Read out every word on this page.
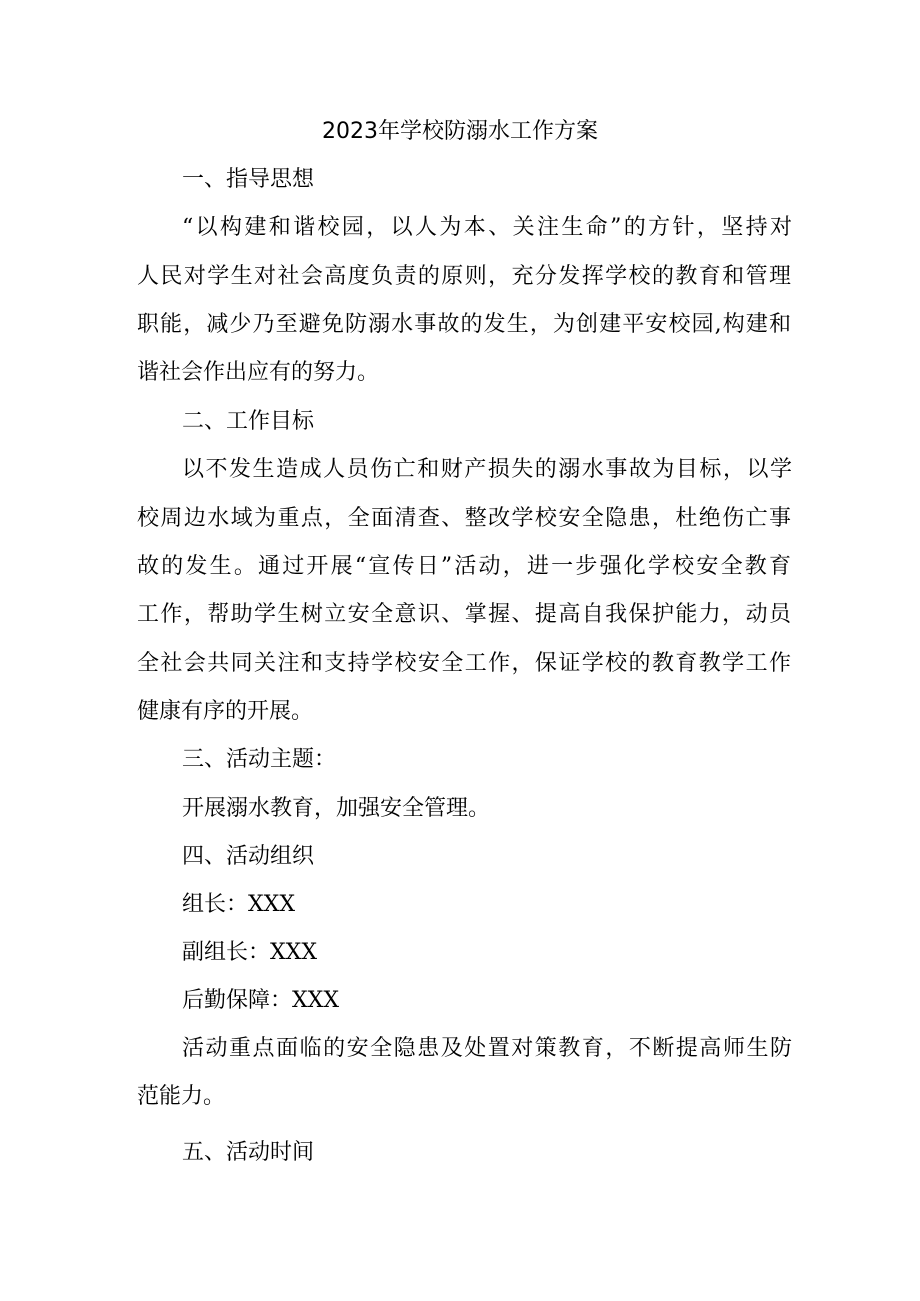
2023年学校防溺水工作方案
一、指导思想
“以构建和谐校园，以人为本、关注生命”的方针，坚持对
人民对学生对社会高度负责的原则，充分发挥学校的教育和管理
职能，减少乃至避免防溺水事故的发生，为创建平安校园,构建和
谐社会作出应有的努力。
二、工作目标
以不发生造成人员伤亡和财产损失的溺水事故为目标，以学
校周边水域为重点，全面清查、整改学校安全隐患，杜绝伤亡事
故的发生。通过开展“宣传日”活动，进一步强化学校安全教育
工作，帮助学生树立安全意识、掌握、提高自我保护能力，动员
全社会共同关注和支持学校安全工作，保证学校的教育教学工作
健康有序的开展。
三、活动主题：
开展溺水教育，加强安全管理。
四、活动组织
组长：XXX
副组长：XXX
后勤保障：XXX
活动重点面临的安全隐患及处置对策教育，不断提高师生防
范能力。
五、活动时间
